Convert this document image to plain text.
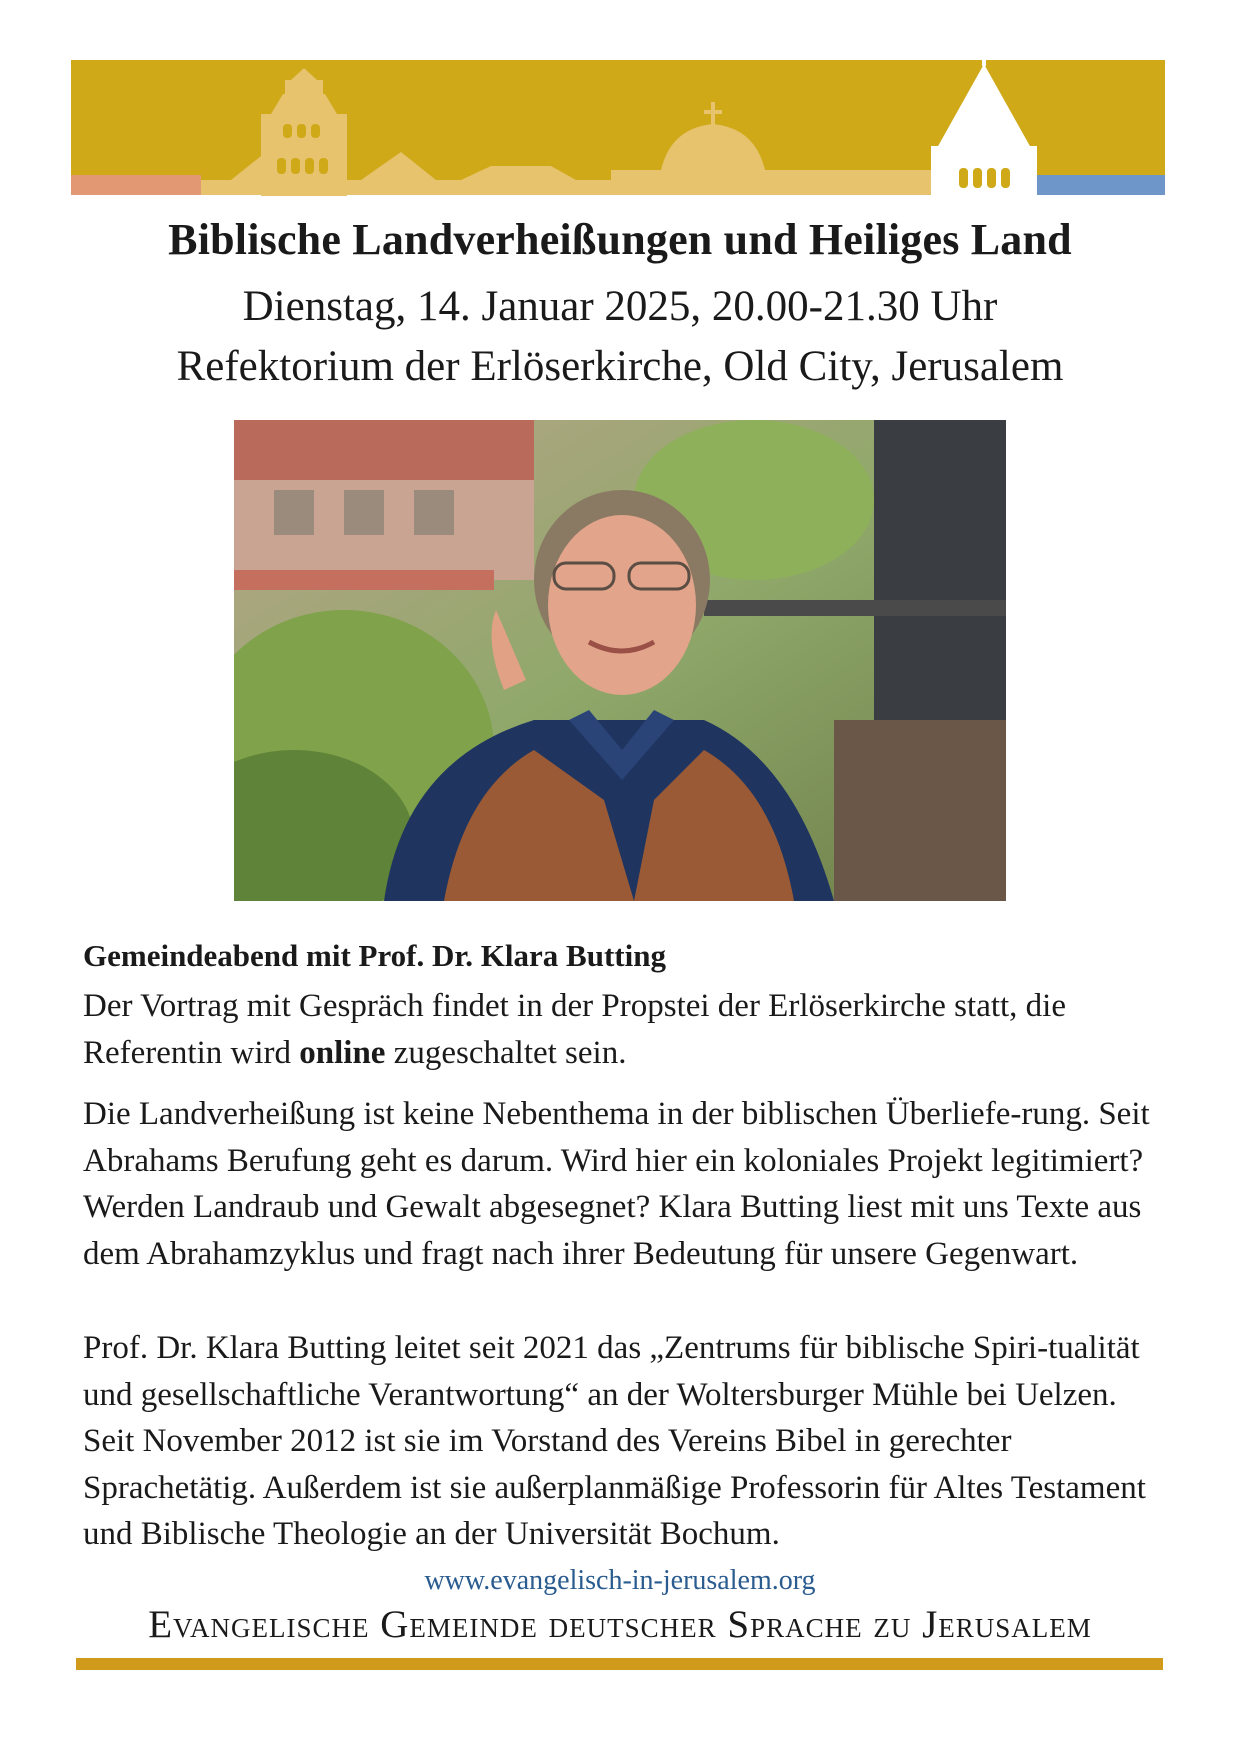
Biblische Landverheißungen und Heiliges Land

Dienstag, 14. Januar 2025, 20.00-21.30 Uhr

Refektorium der Erlöserkirche, Old City, Jerusalem

Gemeindeabend mit Prof. Dr. Klara Butting

Der Vortrag mit Gespräch findet in der Propstei der Erlöserkirche statt, die Referentin wird online zugeschaltet sein.

Die Landverheißung ist keine Nebenthema in der biblischen Überliefe-rung. Seit Abrahams Berufung geht es darum. Wird hier ein koloniales Projekt legitimiert? Werden Landraub und Gewalt abgesegnet? Klara Butting liest mit uns Texte aus dem Abrahamzyklus und fragt nach ihrer Bedeutung für unsere Gegenwart.

Prof. Dr. Klara Butting leitet seit 2021 das „Zentrums für biblische Spiri-tualität und gesellschaftliche Verantwortung“ an der Woltersburger Mühle bei Uelzen. Seit November 2012 ist sie im Vorstand des Vereins Bibel in gerechter Sprachetätig. Außerdem ist sie außerplanmäßige Professorin für Altes Testament und Biblische Theologie an der Universität Bochum.

www.evangelisch-in-jerusalem.org

Evangelische Gemeinde deutscher Sprache zu Jerusalem
